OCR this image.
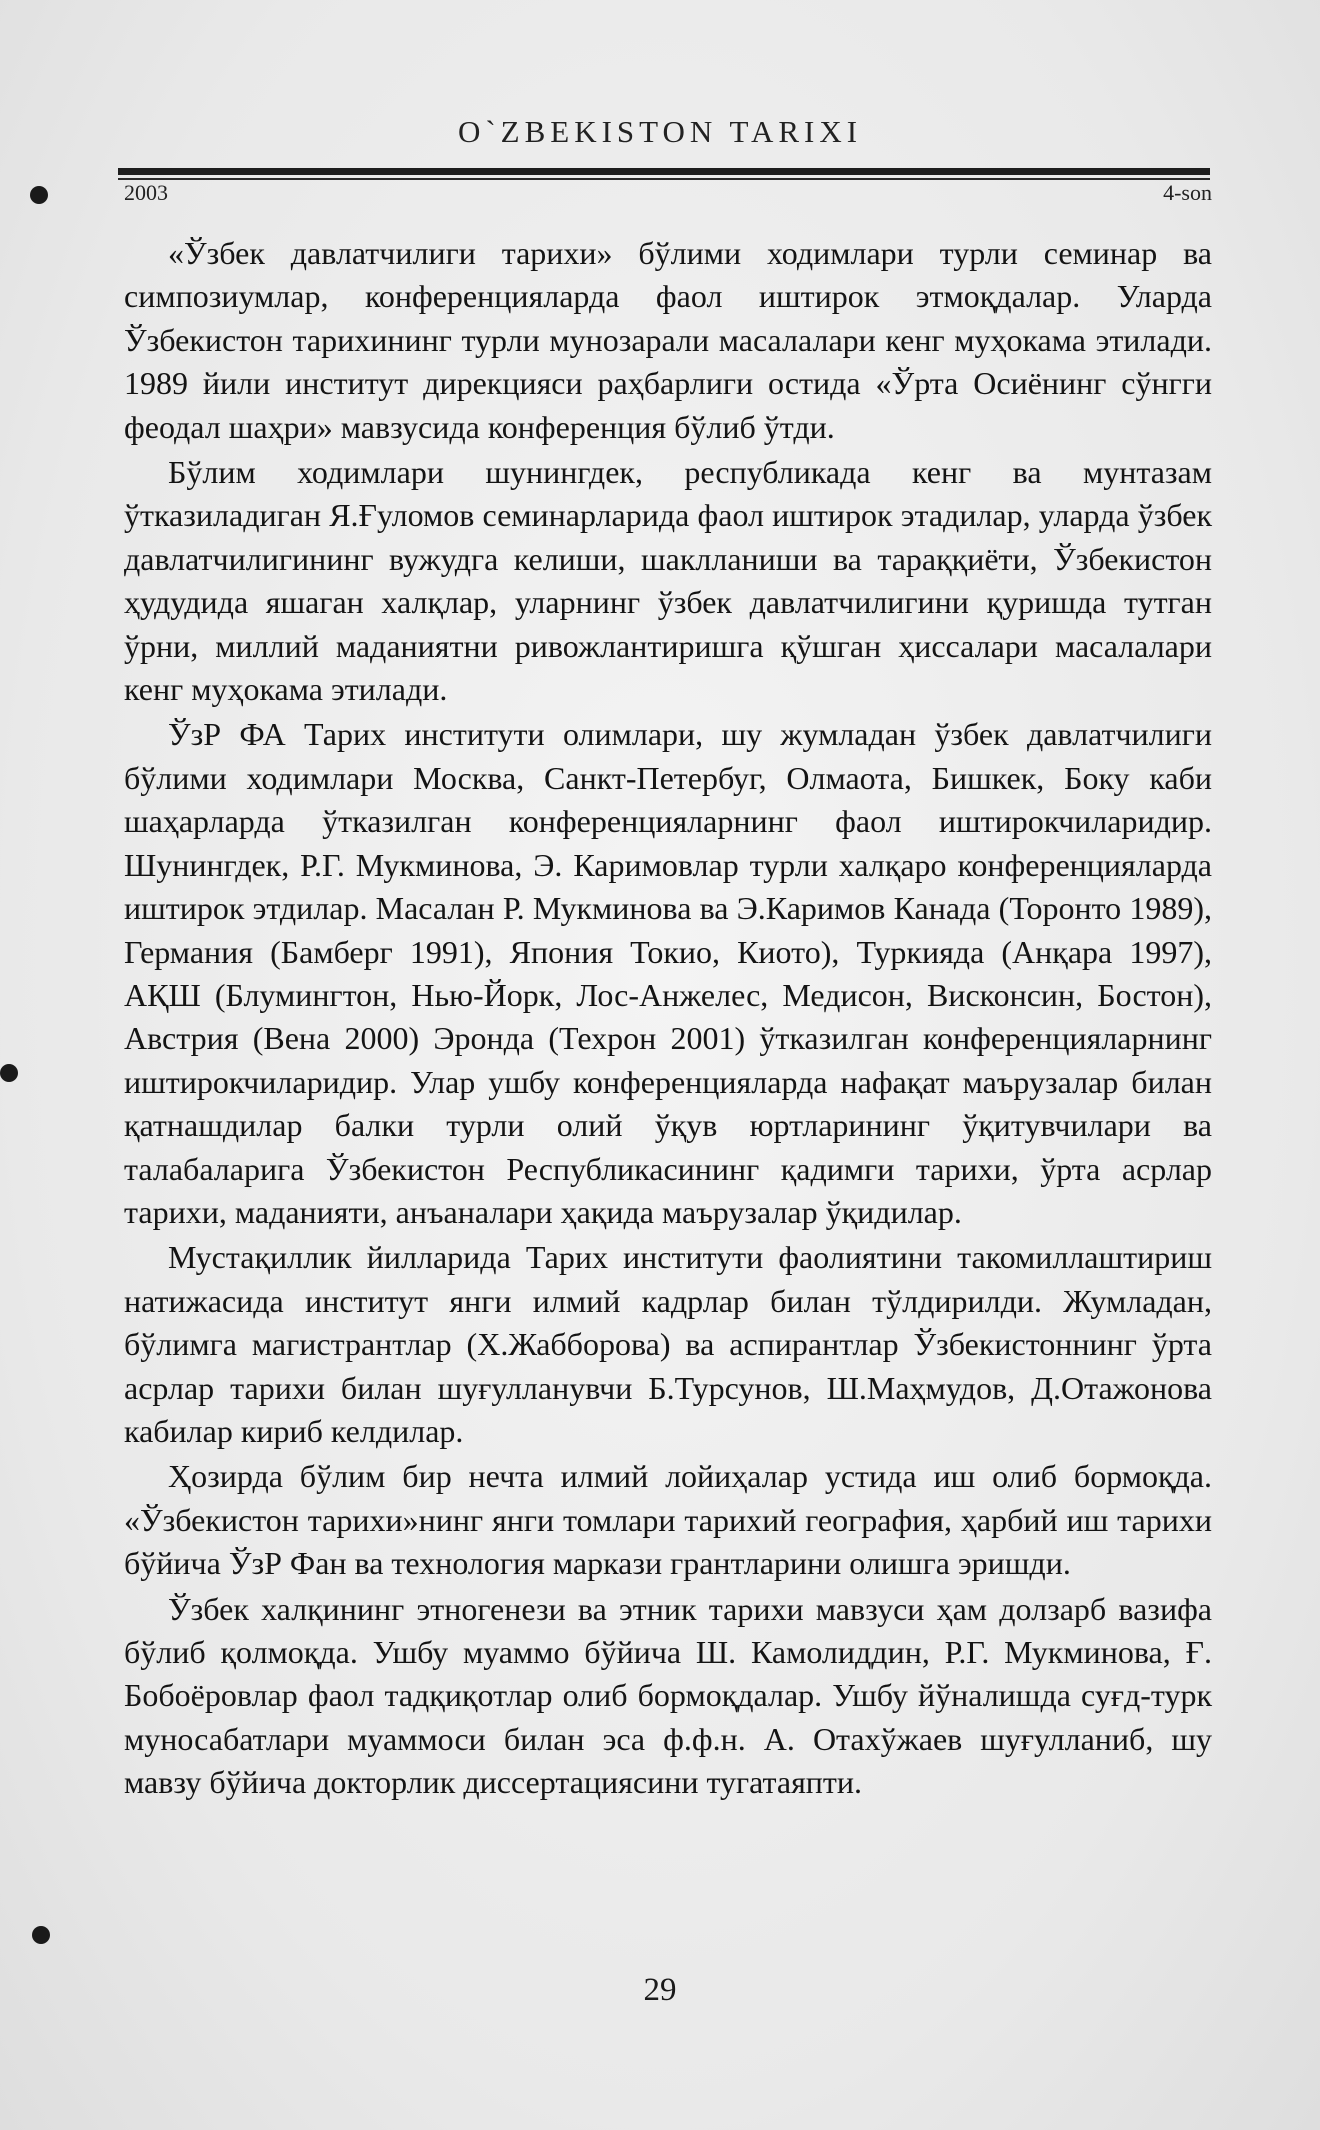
O`ZBEKISTON TARIXI
2003	4-son

«Ўзбек давлатчилиги тарихи» бўлими ходимлари турли семинар ва симпозиумлар, конференцияларда фаол иштирок этмоқдалар. Уларда Ўзбекистон тарихининг турли мунозарали масалалари кенг муҳокама этилади. 1989 йили институт дирекцияси раҳбарлиги остида «Ўрта Осиёнинг сўнгги феодал шаҳри» мавзусида конференция бўлиб ўтди.

Бўлим ходимлари шунингдек, республикада кенг ва мунтазам ўтказиладиган Я.Ғуломов семинарларида фаол иштирок этадилар, уларда ўзбек давлатчилигининг вужудга келиши, шаклланиши ва тараққиёти, Ўзбекистон ҳудудида яшаган халқлар, уларнинг ўзбек давлатчилигини қуришда тутган ўрни, миллий маданиятни ривожлантиришга қўшган ҳиссалари масалалари кенг муҳокама этилади.

ЎзР ФА Тарих институти олимлари, шу жумладан ўзбек давлатчилиги бўлими ходимлари Москва, Санкт-Петербуг, Олмаота, Бишкек, Боку каби шаҳарларда ўтказилган конференцияларнинг фаол иштирокчиларидир. Шунингдек, Р.Г. Мукминова, Э. Каримовлар турли халқаро конференцияларда иштирок этдилар. Масалан Р. Мукминова ва Э.Каримов Канада (Торонто 1989), Германия (Бамберг 1991), Япония Токио, Киото), Туркияда (Анқара 1997), АҚШ (Блумингтон, Нью-Йорк, Лос-Анжелес, Медисон, Висконсин, Бостон), Австрия (Вена 2000) Эронда (Техрон 2001) ўтказилган конференцияларнинг иштирокчиларидир. Улар ушбу конференцияларда нафақат маърузалар билан қатнашдилар балки турли олий ўқув юртларининг ўқитувчилари ва талабаларига Ўзбекистон Республикасининг қадимги тарихи, ўрта асрлар тарихи, маданияти, анъаналари ҳақида маърузалар ўқидилар.

Мустақиллик йилларида Тарих институти фаолиятини такомиллаштириш натижасида институт янги илмий кадрлар билан тўлдирилди. Жумладан, бўлимга магистрантлар (Х.Жабборова) ва аспирантлар Ўзбекистоннинг ўрта асрлар тарихи билан шуғулланувчи Б.Турсунов, Ш.Маҳмудов, Д.Отажонова кабилар кириб келдилар.

Ҳозирда бўлим бир нечта илмий лойиҳалар устида иш олиб бормоқда. «Ўзбекистон тарихи»нинг янги томлари тарихий география, ҳарбий иш тарихи бўйича ЎзР Фан ва технология маркази грантларини олишга эришди.

Ўзбек халқининг этногенези ва этник тарихи мавзуси ҳам долзарб вазифа бўлиб қолмоқда. Ушбу муаммо бўйича Ш. Камолиддин, Р.Г. Мукминова, Ғ. Бобоёровлар фаол тадқиқотлар олиб бормоқдалар. Ушбу йўналишда суғд-турк муносабатлари муаммоси билан эса ф.ф.н. А. Отахўжаев шуғулланиб, шу мавзу бўйича докторлик диссертациясини тугатаяпти.

29
